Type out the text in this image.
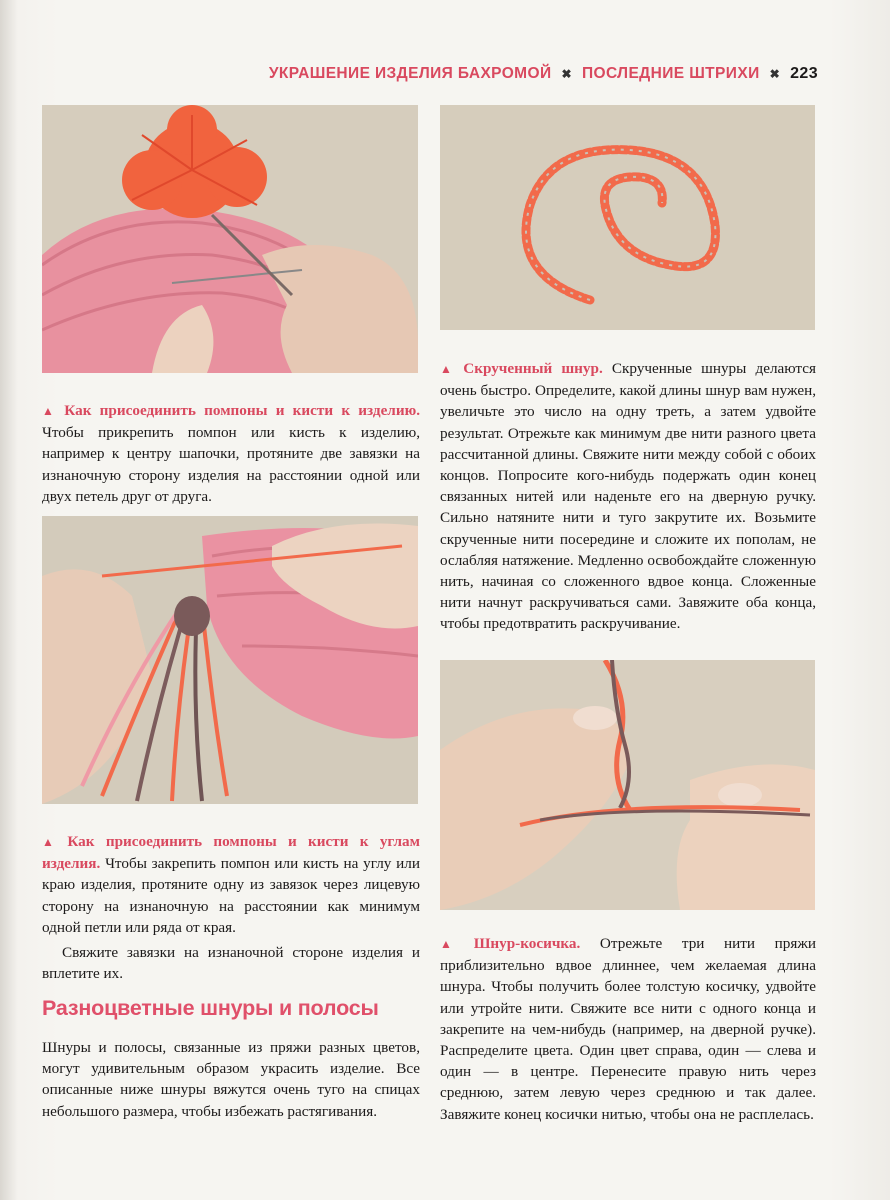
УКРАШЕНИЕ ИЗДЕЛИЯ БАХРОМОЙ ✖ ПОСЛЕДНИЕ ШТРИХИ ✖ 223

▲ Как присоединить помпоны и кисти к изделию. Чтобы прикрепить помпон или кисть к изделию, например к центру шапочки, протяните две завязки на изнаночную сторону изделия на расстоянии одной или двух петель друг от друга.

▲ Как присоединить помпоны и кисти к углам изделия. Чтобы закрепить помпон или кисть на углу или краю изделия, протяните одну из завязок через лицевую сторону на изнаночную на расстоянии как минимум одной петли или ряда от края.

Свяжите завязки на изнаночной стороне изделия и вплетите их.

Разноцветные шнуры и полосы

Шнуры и полосы, связанные из пряжи разных цветов, могут удивительным образом украсить изделие. Все описанные ниже шнуры вяжутся очень туго на спицах небольшого размера, чтобы избежать растягивания.

▲ Скрученный шнур. Скрученные шнуры делаются очень быстро. Определите, какой длины шнур вам нужен, увеличьте это число на одну треть, а затем удвойте результат. Отрежьте как минимум две нити разного цвета рассчитанной длины. Свяжите нити между собой с обоих концов. Попросите кого-нибудь подержать один конец связанных нитей или наденьте его на дверную ручку. Сильно натяните нити и туго закрутите их. Возьмите скрученные нити посередине и сложите их пополам, не ослабляя натяжение. Медленно освобождайте сложенную нить, начиная со сложенного вдвое конца. Сложенные нити начнут раскручиваться сами. Завяжите оба конца, чтобы предотвратить раскручивание.

▲ Шнур-косичка. Отрежьте три нити пряжи приблизительно вдвое длиннее, чем желаемая длина шнура. Чтобы получить более толстую косичку, удвойте или утройте нити. Свяжите все нити с одного конца и закрепите на чем-нибудь (например, на дверной ручке). Распределите цвета. Один цвет справа, один — слева и один — в центре. Перенесите правую нить через среднюю, затем левую через среднюю и так далее. Завяжите конец косички нитью, чтобы она не расплелась.
